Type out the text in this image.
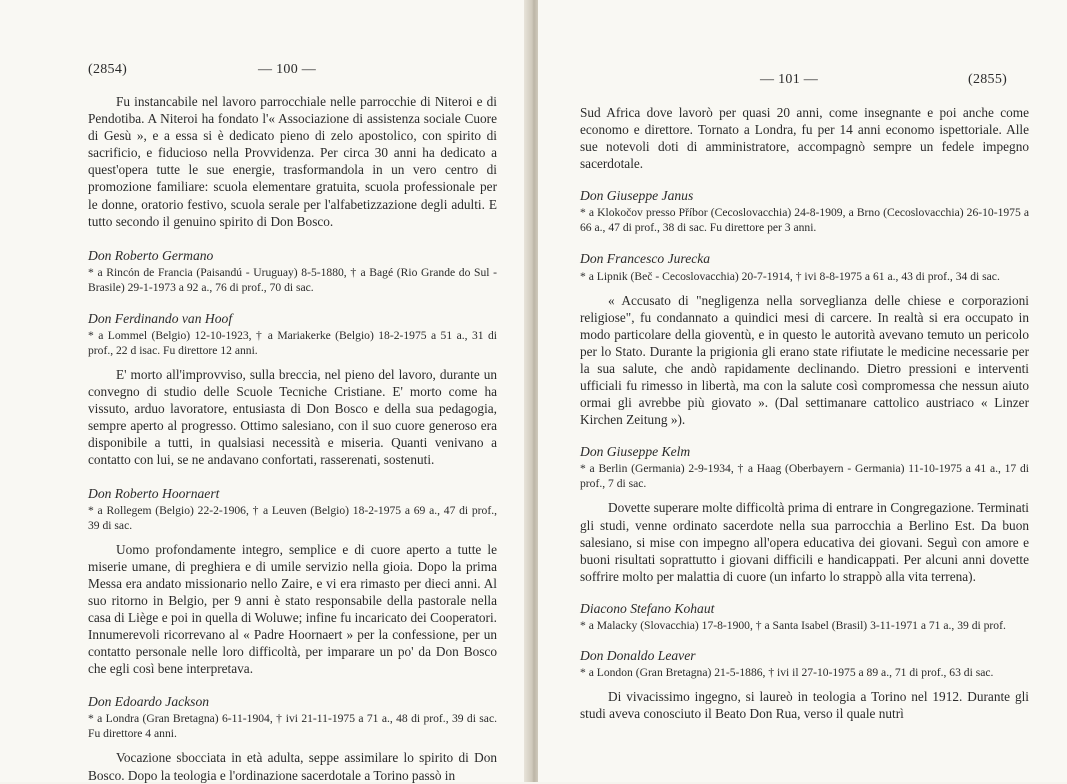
(2854)	— 100 —

Fu instancabile nel lavoro parrocchiale nelle parrocchie di Niteroi e di Pendotiba. A Niteroi ha fondato l'« Associazione di assistenza sociale Cuore di Gesù », e a essa si è dedicato pieno di zelo apostolico, con spirito di sacrificio, e fiducioso nella Provvidenza. Per circa 30 anni ha dedicato a quest'opera tutte le sue energie, trasformandola in un vero centro di promozione familiare: scuola elementare gratuita, scuola professionale per le donne, oratorio festivo, scuola serale per l'alfabetizzazione degli adulti. E tutto secondo il genuino spirito di Don Bosco.

Don Roberto Germano

* a Rincón de Francia (Paisandú - Uruguay) 8-5-1880, † a Bagé (Rio Grande do Sul - Brasile) 29-1-1973 a 92 a., 76 di prof., 70 di sac.

Don Ferdinando van Hoof

* a Lommel (Belgio) 12-10-1923, † a Mariakerke (Belgio) 18-2-1975 a 51 a., 31 di prof., 22 d isac. Fu direttore 12 anni.

E' morto all'improvviso, sulla breccia, nel pieno del lavoro, durante un convegno di studio delle Scuole Tecniche Cristiane. E' morto come ha vissuto, arduo lavoratore, entusiasta di Don Bosco e della sua pedagogia, sempre aperto al progresso. Ottimo salesiano, con il suo cuore generoso era disponibile a tutti, in qualsiasi necessità e miseria. Quanti venivano a contatto con lui, se ne andavano confortati, rasserenati, sostenuti.

Don Roberto Hoornaert

* a Rollegem (Belgio) 22-2-1906, † a Leuven (Belgio) 18-2-1975 a 69 a., 47 di prof., 39 di sac.

Uomo profondamente integro, semplice e di cuore aperto a tutte le miserie umane, di preghiera e di umile servizio nella gioia. Dopo la prima Messa era andato missionario nello Zaire, e vi era rimasto per dieci anni. Al suo ritorno in Belgio, per 9 anni è stato responsabile della pastorale nella casa di Liège e poi in quella di Woluwe; infine fu incaricato dei Cooperatori. Innumerevoli ricorrevano al « Padre Hoornaert » per la confessione, per un contatto personale nelle loro difficoltà, per imparare un po' da Don Bosco che egli così bene interpretava.

Don Edoardo Jackson

* a Londra (Gran Bretagna) 6-11-1904, † ivi 21-11-1975 a 71 a., 48 di prof., 39 di sac. Fu direttore 4 anni.

Vocazione sbocciata in età adulta, seppe assimilare lo spirito di Don Bosco. Dopo la teologia e l'ordinazione sacerdotale a Torino passò in

— 101 —	(2855)

Sud Africa dove lavorò per quasi 20 anni, come insegnante e poi anche come economo e direttore. Tornato a Londra, fu per 14 anni economo ispettoriale. Alle sue notevoli doti di amministratore, accompagnò sempre un fedele impegno sacerdotale.

Don Giuseppe Janus

* a Klokočov presso Příbor (Cecoslovacchia) 24-8-1909, a Brno (Cecoslovacchia) 26-10-1975 a 66 a., 47 di prof., 38 di sac. Fu direttore per 3 anni.

Don Francesco Jurecka

* a Lipnik (Beč - Cecoslovacchia) 20-7-1914, † ivi 8-8-1975 a 61 a., 43 di prof., 34 di sac.

« Accusato di "negligenza nella sorveglianza delle chiese e corporazioni religiose", fu condannato a quindici mesi di carcere. In realtà si era occupato in modo particolare della gioventù, e in questo le autorità avevano temuto un pericolo per lo Stato. Durante la prigionia gli erano state rifiutate le medicine necessarie per la sua salute, che andò rapidamente declinando. Dietro pressioni e interventi ufficiali fu rimesso in libertà, ma con la salute così compromessa che nessun aiuto ormai gli avrebbe più giovato ». (Dal settimanare cattolico austriaco « Linzer Kirchen Zeitung »).

Don Giuseppe Kelm

* a Berlin (Germania) 2-9-1934, † a Haag (Oberbayern - Germania) 11-10-1975 a 41 a., 17 di prof., 7 di sac.

Dovette superare molte difficoltà prima di entrare in Congregazione. Terminati gli studi, venne ordinato sacerdote nella sua parrocchia a Berlino Est. Da buon salesiano, si mise con impegno all'opera educativa dei giovani. Seguì con amore e buoni risultati soprattutto i giovani difficili e handicappati. Per alcuni anni dovette soffrire molto per malattia di cuore (un infarto lo strappò alla vita terrena).

Diacono Stefano Kohaut

* a Malacky (Slovacchia) 17-8-1900, † a Santa Isabel (Brasil) 3-11-1971 a 71 a., 39 di prof.

Don Donaldo Leaver

* a London (Gran Bretagna) 21-5-1886, † ivi il 27-10-1975 a 89 a., 71 di prof., 63 di sac.

Di vivacissimo ingegno, si laureò in teologia a Torino nel 1912. Durante gli studi aveva conosciuto il Beato Don Rua, verso il quale nutrì
